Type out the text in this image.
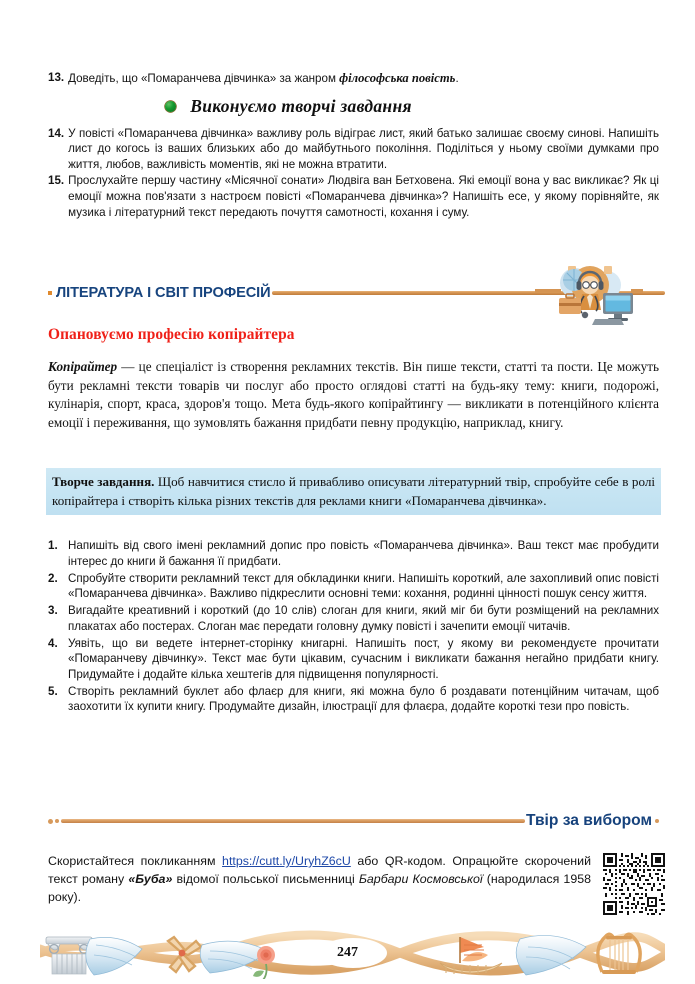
13. Доведіть, що «Помаранчева дівчинка» за жанром філософська повість.
Виконуємо творчі завдання
14. У повісті «Помаранчева дівчинка» важливу роль відіграє лист, який батько залишає своєму синові. Напишіть лист до когось із ваших близьких або до майбутнього покоління. Поділіться у ньому своїми думками про життя, любов, важливість моментів, які не можна втратити.
15. Прослухайте першу частину «Місячної сонати» Людвіга ван Бетховена. Які емоції вона у вас викликає? Як ці емоції можна пов'язати з настроєм повісті «Помаранчева дівчинка»? Напишіть есе, у якому порівняйте, як музика і літературний текст передають почуття самотності, кохання і суму.
ЛІТЕРАТУРА І СВІТ ПРОФЕСІЙ
Опановуємо професію копірайтера
Копірайтер — це спеціаліст із створення рекламних текстів. Він пише тексти, статті та пости. Це можуть бути рекламні тексти товарів чи послуг або просто оглядові статті на будь-яку тему: книги, подорожі, кулінарія, спорт, краса, здоров'я тощо. Мета будь-якого копірайтингу — викликати в потенційного клієнта емоції і переживання, що зумовлять бажання придбати певну продукцію, наприклад, книгу.
Творче завдання. Щоб навчитися стисло й привабливо описувати літературний твір, спробуйте себе в ролі копірайтера і створіть кілька різних текстів для реклами книги «Помаранчева дівчинка».
1. Напишіть від свого імені рекламний допис про повість «Помаранчева дівчинка». Ваш текст має пробудити інтерес до книги й бажання її придбати.
2. Спробуйте створити рекламний текст для обкладинки книги. Напишіть короткий, але захопливий опис повісті «Помаранчева дівчинка». Важливо підкреслити основні теми: кохання, родинні цінності пошук сенсу життя.
3. Вигадайте креативний і короткий (до 10 слів) слоган для книги, який міг би бути розміщений на рекламних плакатах або постерах. Слоган має передати головну думку повісті і зачепити емоції читачів.
4. Уявіть, що ви ведете інтернет-сторінку книгарні. Напишіть пост, у якому ви рекомендуєте прочитати «Помаранчеву дівчинку». Текст має бути цікавим, сучасним і викликати бажання негайно придбати книгу. Придумайте і додайте кілька хештегів для підвищення популярності.
5. Створіть рекламний буклет або флаєр для книги, які можна було б роздавати потенційним читачам, щоб заохотити їх купити книгу. Продумайте дизайн, ілюстрації для флаєра, додайте короткі тези про повість.
Твір за вибором
Скористайтеся покликанням https://cutt.ly/UryhZ6cU або QR-кодом. Опрацюйте скорочений текст роману «Буба» відомої польської письменниці Барбари Космовської (народилася 1958 року).
247
